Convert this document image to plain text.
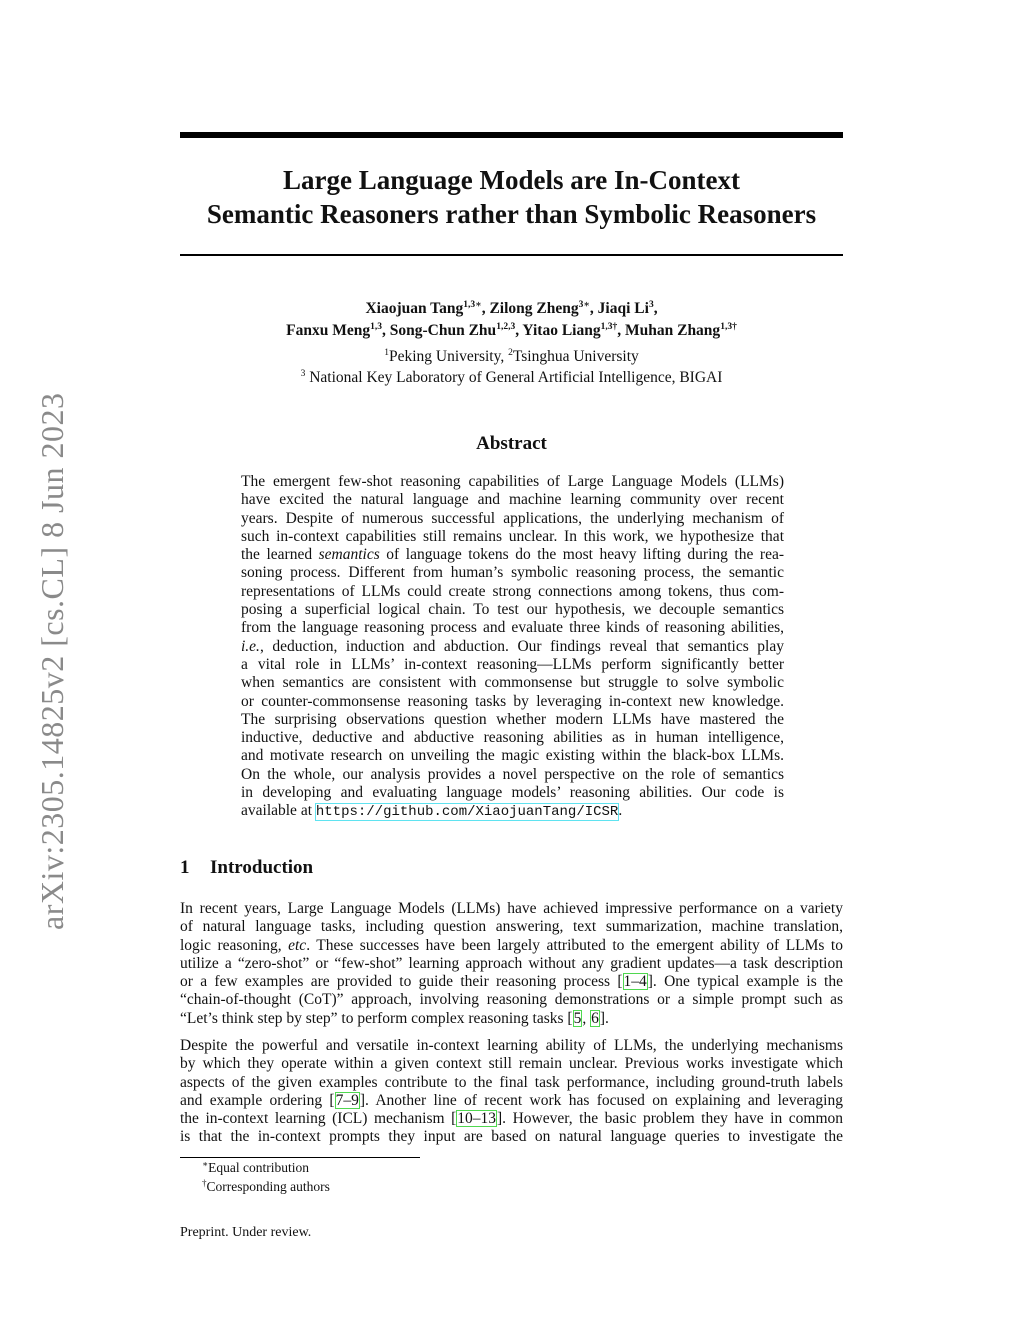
arXiv:2305.14825v2 [cs.CL] 8 Jun 2023
Large Language Models are In-Context
Semantic Reasoners rather than Symbolic Reasoners
Xiaojuan Tang$^{1,3∗}$, Zilong Zheng$^{3∗}$, Jiaqi Li$^3$,
Fanxu Meng$^{1,3}$, Song-Chun Zhu$^{1,2,3}$, Yitao Liang$^{1,3\dagger}$, Muhan Zhang$^{1,3\dagger}$
$^1$Peking University, $^2$Tsinghua University
$^3$ National Key Laboratory of General Artificial Intelligence, BIGAI
Abstract
The emergent few-shot reasoning capabilities of Large Language Models (LLMs)
have excited the natural language and machine learning community over recent
years. Despite of numerous successful applications, the underlying mechanism of
such in-context capabilities still remains unclear. In this work, we hypothesize that
the learned semantics of language tokens do the most heavy lifting during the rea-
soning process. Different from human’s symbolic reasoning process, the semantic
representations of LLMs could create strong connections among tokens, thus com-
posing a superficial logical chain. To test our hypothesis, we decouple semantics
from the language reasoning process and evaluate three kinds of reasoning abilities,
i.e., deduction, induction and abduction. Our findings reveal that semantics play
a vital role in LLMs’ in-context reasoning—LLMs perform significantly better
when semantics are consistent with commonsense but struggle to solve symbolic
or counter-commonsense reasoning tasks by leveraging in-context new knowledge.
The surprising observations question whether modern LLMs have mastered the
inductive, deductive and abductive reasoning abilities as in human intelligence,
and motivate research on unveiling the magic existing within the black-box LLMs.
On the whole, our analysis provides a novel perspective on the role of semantics
in developing and evaluating language models’ reasoning abilities. Our code is
available at https://github.com/XiaojuanTang/ICSR.
1 Introduction
In recent years, Large Language Models (LLMs) have achieved impressive performance on a variety
of natural language tasks, including question answering, text summarization, machine translation,
logic reasoning, etc. These successes have been largely attributed to the emergent ability of LLMs to
utilize a “zero-shot” or “few-shot” learning approach without any gradient updates—a task description
or a few examples are provided to guide their reasoning process [1–4]. One typical example is the
“chain-of-thought (CoT)” approach, involving reasoning demonstrations or a simple prompt such as
“Let’s think step by step” to perform complex reasoning tasks [5, 6].
Despite the powerful and versatile in-context learning ability of LLMs, the underlying mechanisms
by which they operate within a given context still remain unclear. Previous works investigate which
aspects of the given examples contribute to the final task performance, including ground-truth labels
and example ordering [7–9]. Another line of recent work has focused on explaining and leveraging
the in-context learning (ICL) mechanism [10–13]. However, the basic problem they have in common
is that the in-context prompts they input are based on natural language queries to investigate the
∗Equal contribution
†Corresponding authors
Preprint. Under review.
